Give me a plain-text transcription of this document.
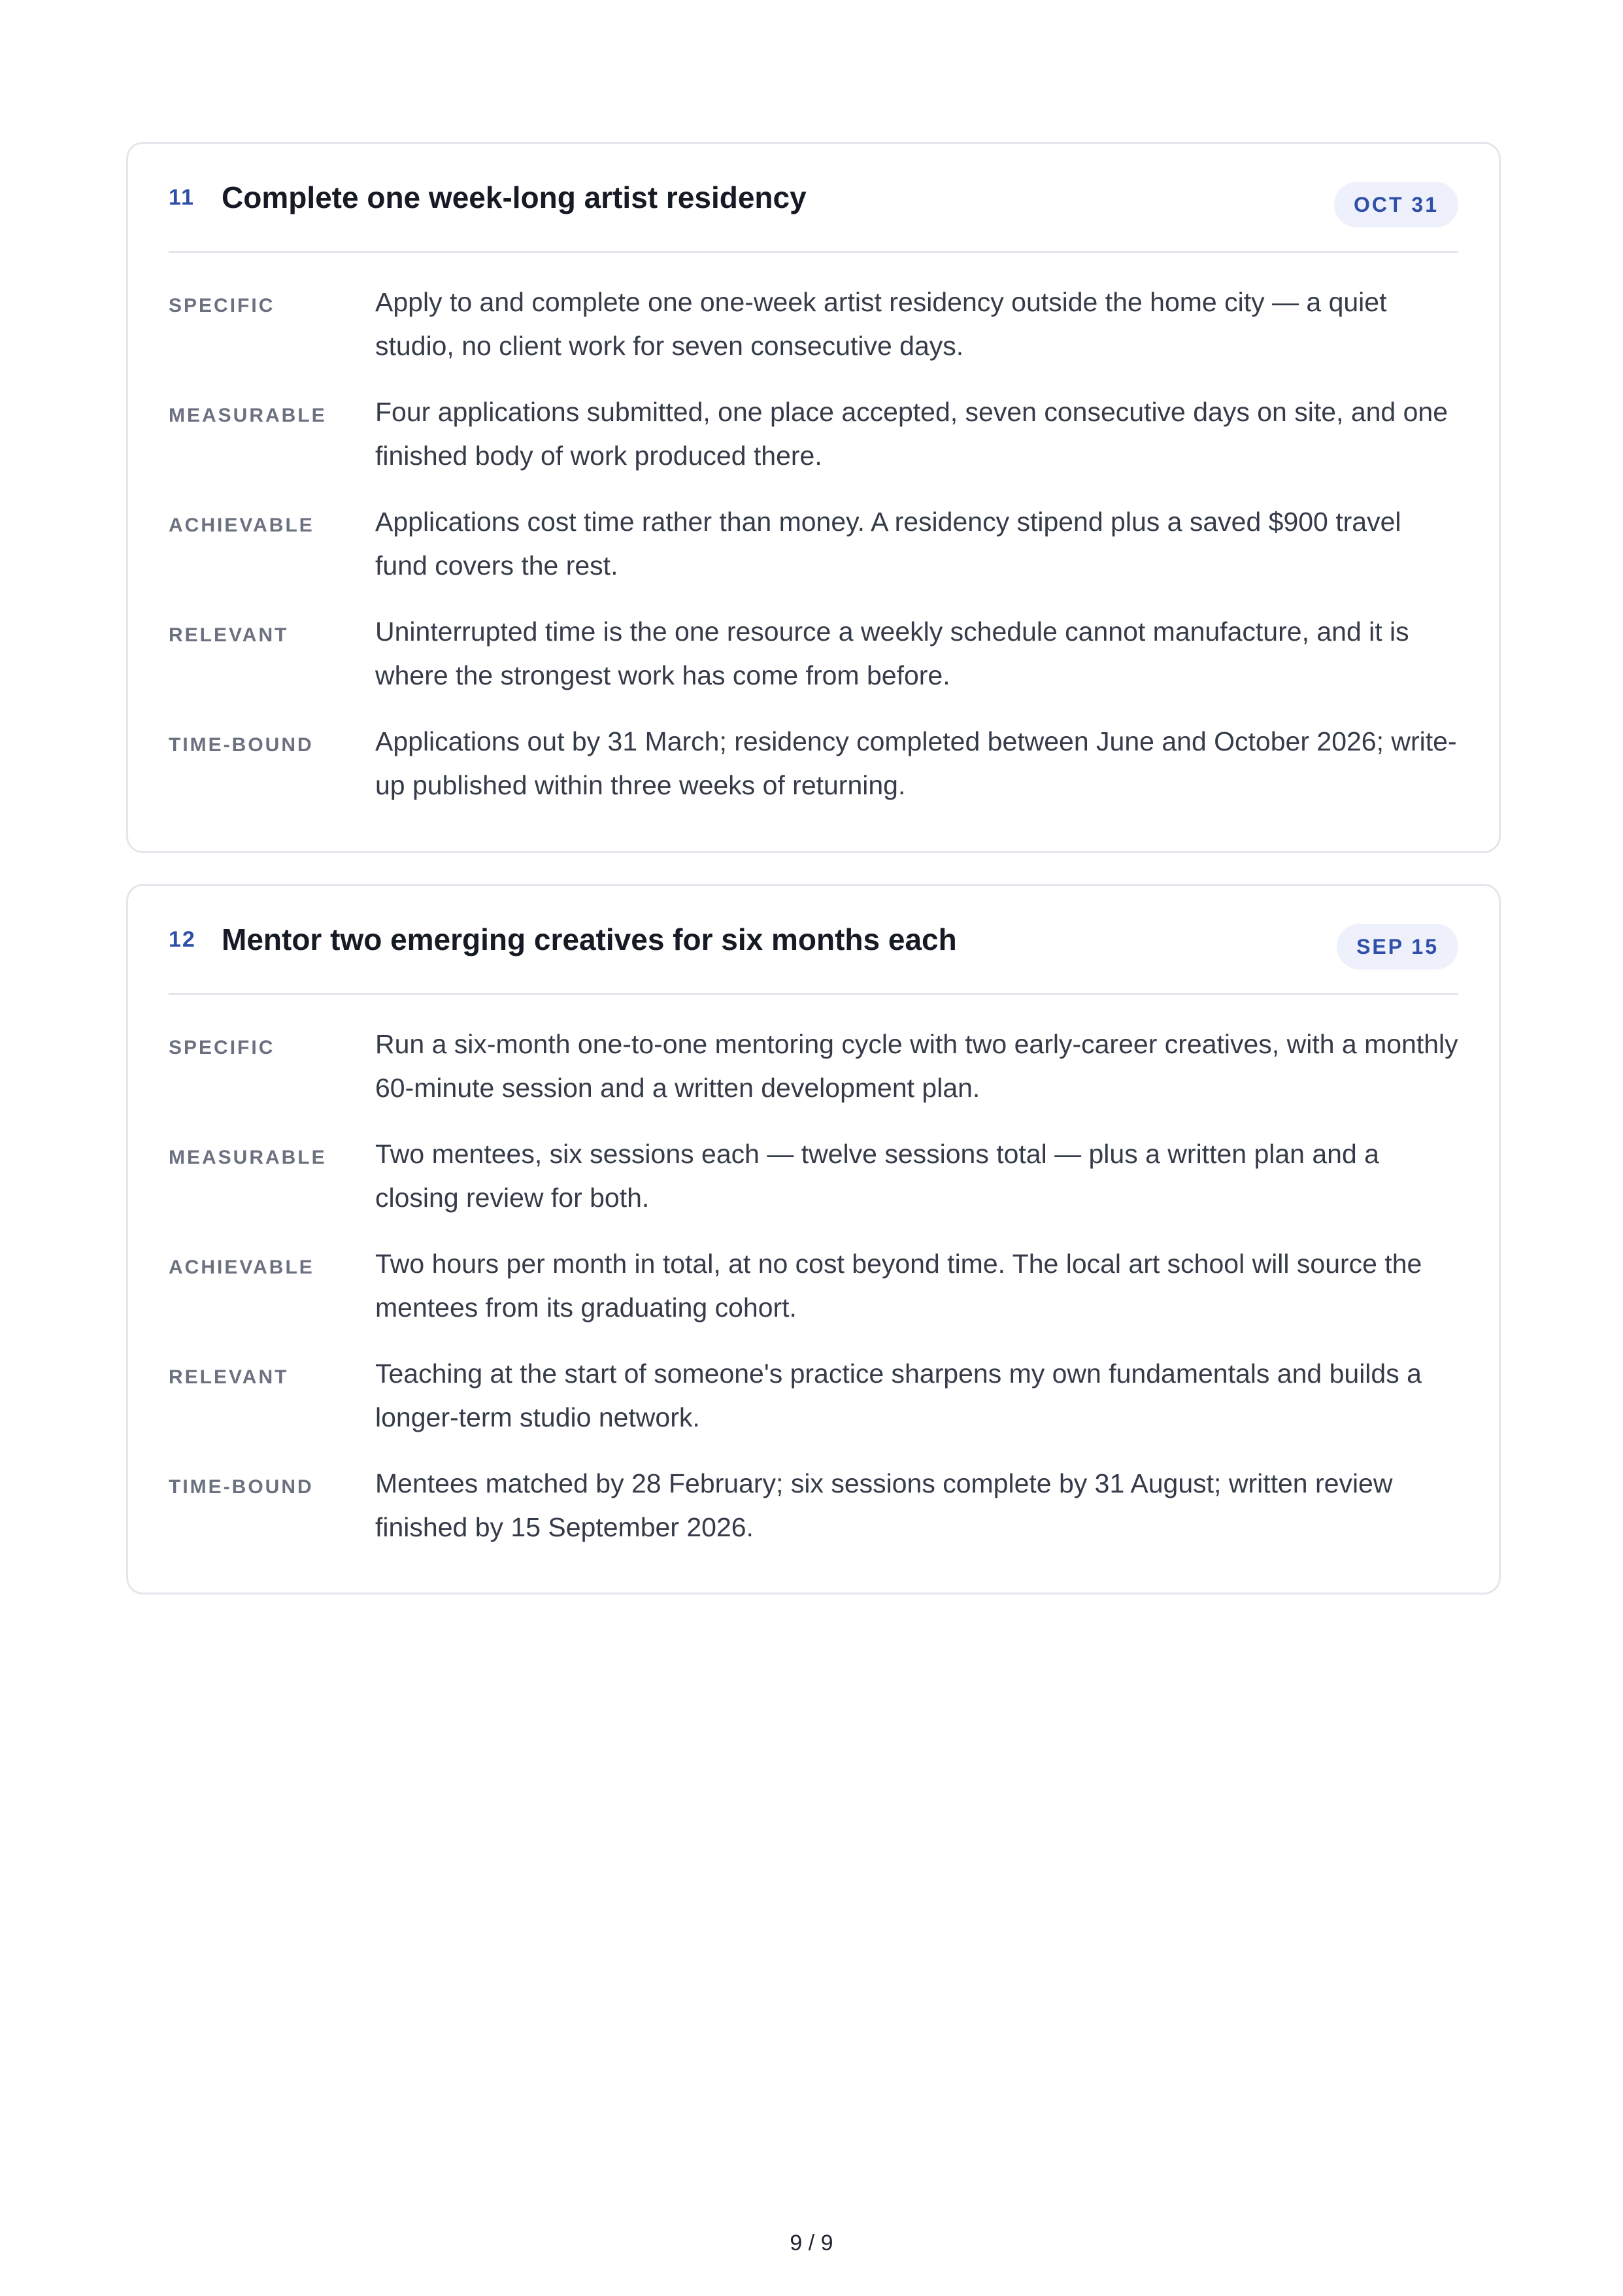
11 Complete one week-long artist residency	OCT 31
SPECIFIC	Apply to and complete one one-week artist residency outside the home city — a quiet studio, no client work for seven consecutive days.
MEASURABLE	Four applications submitted, one place accepted, seven consecutive days on site, and one finished body of work produced there.
ACHIEVABLE	Applications cost time rather than money. A residency stipend plus a saved $900 travel fund covers the rest.
RELEVANT	Uninterrupted time is the one resource a weekly schedule cannot manufacture, and it is where the strongest work has come from before.
TIME-BOUND	Applications out by 31 March; residency completed between June and October 2026; write-up published within three weeks of returning.
12 Mentor two emerging creatives for six months each	SEP 15
SPECIFIC	Run a six-month one-to-one mentoring cycle with two early-career creatives, with a monthly 60-minute session and a written development plan.
MEASURABLE	Two mentees, six sessions each — twelve sessions total — plus a written plan and a closing review for both.
ACHIEVABLE	Two hours per month in total, at no cost beyond time. The local art school will source the mentees from its graduating cohort.
RELEVANT	Teaching at the start of someone's practice sharpens my own fundamentals and builds a longer-term studio network.
TIME-BOUND	Mentees matched by 28 February; six sessions complete by 31 August; written review finished by 15 September 2026.
9 / 9
